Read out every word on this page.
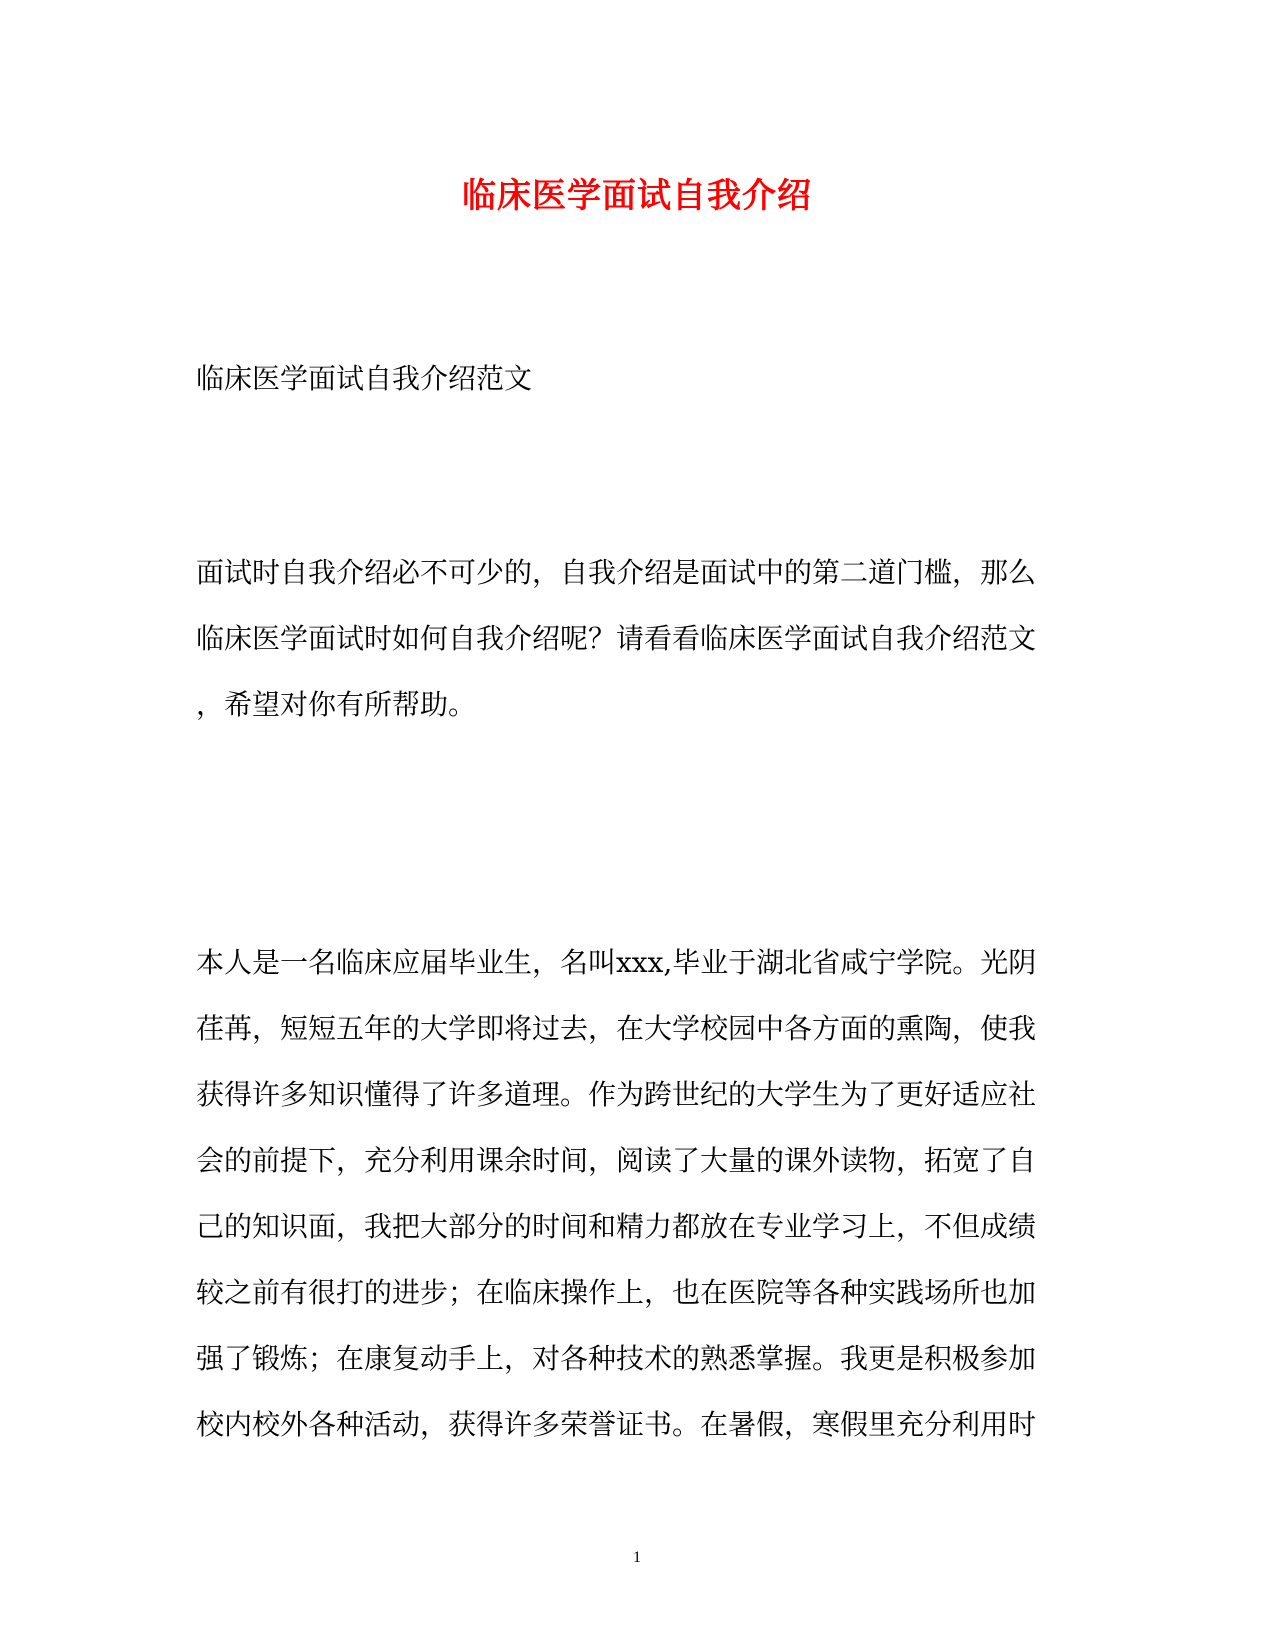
临床医学面试自我介绍

临床医学面试自我介绍范文

面试时自我介绍必不可少的，自我介绍是面试中的第二道门槛，那么
临床医学面试时如何自我介绍呢？请看看临床医学面试自我介绍范文
，希望对你有所帮助。

本人是一名临床应届毕业生，名叫xxx,毕业于湖北省咸宁学院。光阴
荏苒，短短五年的大学即将过去，在大学校园中各方面的熏陶，使我
获得许多知识懂得了许多道理。作为跨世纪的大学生为了更好适应社
会的前提下，充分利用课余时间，阅读了大量的课外读物，拓宽了自
己的知识面，我把大部分的时间和精力都放在专业学习上，不但成绩
较之前有很打的进步；在临床操作上，也在医院等各种实践场所也加
强了锻炼；在康复动手上，对各种技术的熟悉掌握。我更是积极参加
校内校外各种活动，获得许多荣誉证书。在暑假，寒假里充分利用时

1
